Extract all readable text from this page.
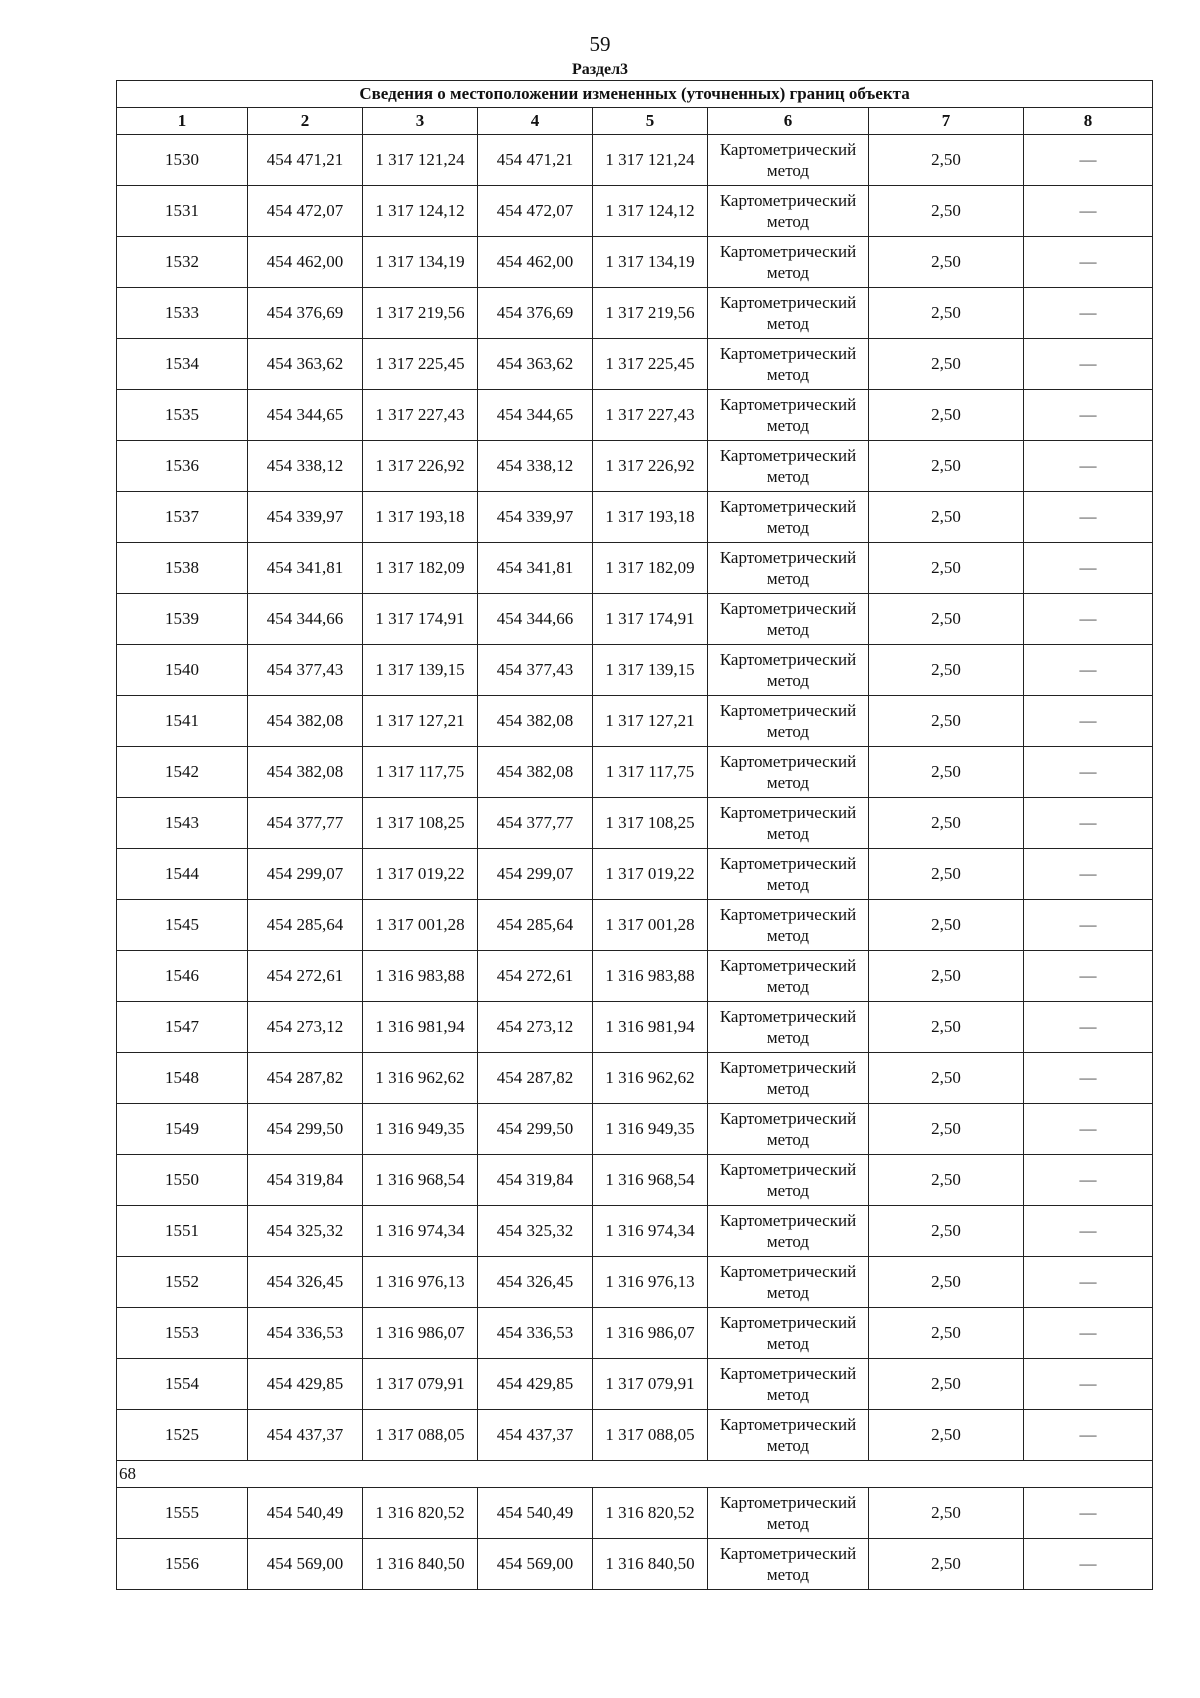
59
Раздел3
Сведения о местоположении измененных (уточненных) границ объекта							
1	2	3	4	5	6	7	8
1530	454 471,21	1 317 121,24	454 471,21	1 317 121,24	Картометрический метод	2,50	—
1531	454 472,07	1 317 124,12	454 472,07	1 317 124,12	Картометрический метод	2,50	—
1532	454 462,00	1 317 134,19	454 462,00	1 317 134,19	Картометрический метод	2,50	—
1533	454 376,69	1 317 219,56	454 376,69	1 317 219,56	Картометрический метод	2,50	—
1534	454 363,62	1 317 225,45	454 363,62	1 317 225,45	Картометрический метод	2,50	—
1535	454 344,65	1 317 227,43	454 344,65	1 317 227,43	Картометрический метод	2,50	—
1536	454 338,12	1 317 226,92	454 338,12	1 317 226,92	Картометрический метод	2,50	—
1537	454 339,97	1 317 193,18	454 339,97	1 317 193,18	Картометрический метод	2,50	—
1538	454 341,81	1 317 182,09	454 341,81	1 317 182,09	Картометрический метод	2,50	—
1539	454 344,66	1 317 174,91	454 344,66	1 317 174,91	Картометрический метод	2,50	—
1540	454 377,43	1 317 139,15	454 377,43	1 317 139,15	Картометрический метод	2,50	—
1541	454 382,08	1 317 127,21	454 382,08	1 317 127,21	Картометрический метод	2,50	—
1542	454 382,08	1 317 117,75	454 382,08	1 317 117,75	Картометрический метод	2,50	—
1543	454 377,77	1 317 108,25	454 377,77	1 317 108,25	Картометрический метод	2,50	—
1544	454 299,07	1 317 019,22	454 299,07	1 317 019,22	Картометрический метод	2,50	—
1545	454 285,64	1 317 001,28	454 285,64	1 317 001,28	Картометрический метод	2,50	—
1546	454 272,61	1 316 983,88	454 272,61	1 316 983,88	Картометрический метод	2,50	—
1547	454 273,12	1 316 981,94	454 273,12	1 316 981,94	Картометрический метод	2,50	—
1548	454 287,82	1 316 962,62	454 287,82	1 316 962,62	Картометрический метод	2,50	—
1549	454 299,50	1 316 949,35	454 299,50	1 316 949,35	Картометрический метод	2,50	—
1550	454 319,84	1 316 968,54	454 319,84	1 316 968,54	Картометрический метод	2,50	—
1551	454 325,32	1 316 974,34	454 325,32	1 316 974,34	Картометрический метод	2,50	—
1552	454 326,45	1 316 976,13	454 326,45	1 316 976,13	Картометрический метод	2,50	—
1553	454 336,53	1 316 986,07	454 336,53	1 316 986,07	Картометрический метод	2,50	—
1554	454 429,85	1 317 079,91	454 429,85	1 317 079,91	Картометрический метод	2,50	—
1525	454 437,37	1 317 088,05	454 437,37	1 317 088,05	Картометрический метод	2,50	—
68							
1555	454 540,49	1 316 820,52	454 540,49	1 316 820,52	Картометрический метод	2,50	—
1556	454 569,00	1 316 840,50	454 569,00	1 316 840,50	Картометрический метод	2,50	—
